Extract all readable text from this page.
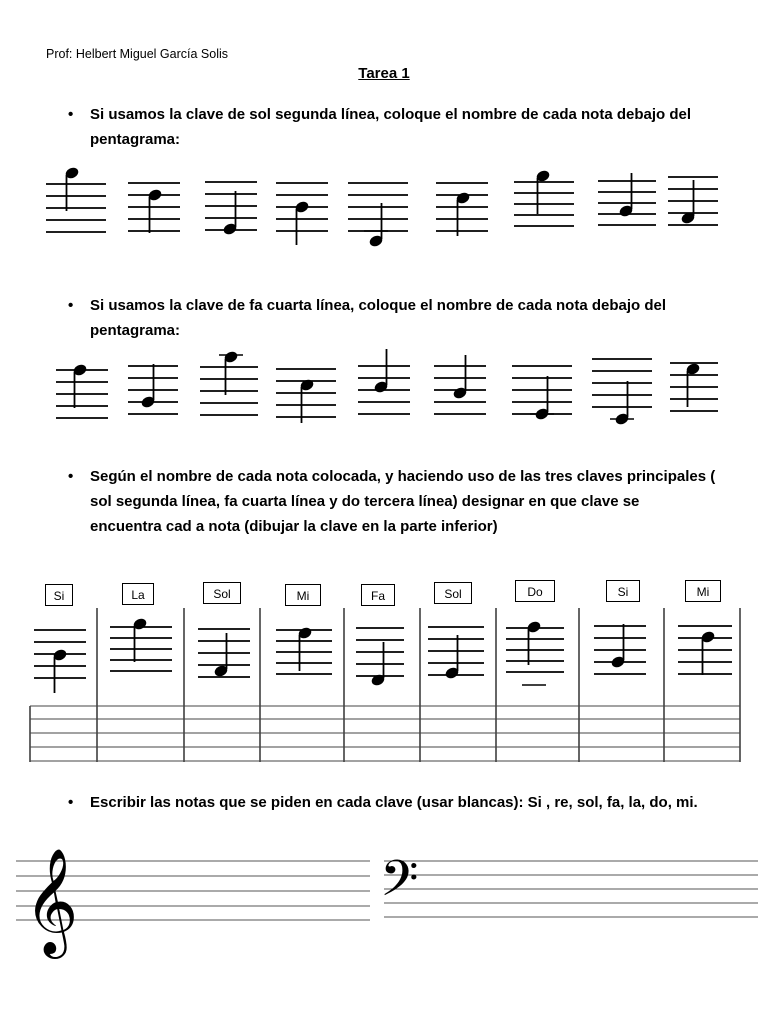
Prof: Helbert Miguel García Solis
Tarea 1
• Si usamos la clave de sol segunda línea, coloque el nombre de cada nota debajo del
pentagrama:
• Si usamos la clave de fa cuarta línea, coloque el nombre de cada nota debajo del
pentagrama:
• Según el nombre de cada nota colocada, y haciendo uso de las tres claves principales (
sol segunda línea, fa cuarta línea y do tercera línea) designar en que clave se
encuentra cad a nota (dibujar la clave en la parte inferior)
• Escribir las notas que se piden en cada clave (usar blancas): Si , re, sol, fa, la, do, mi.
𝄞	𝄢
Si	La	Sol	Mi	Fa	Sol	Do	Si	Mi
